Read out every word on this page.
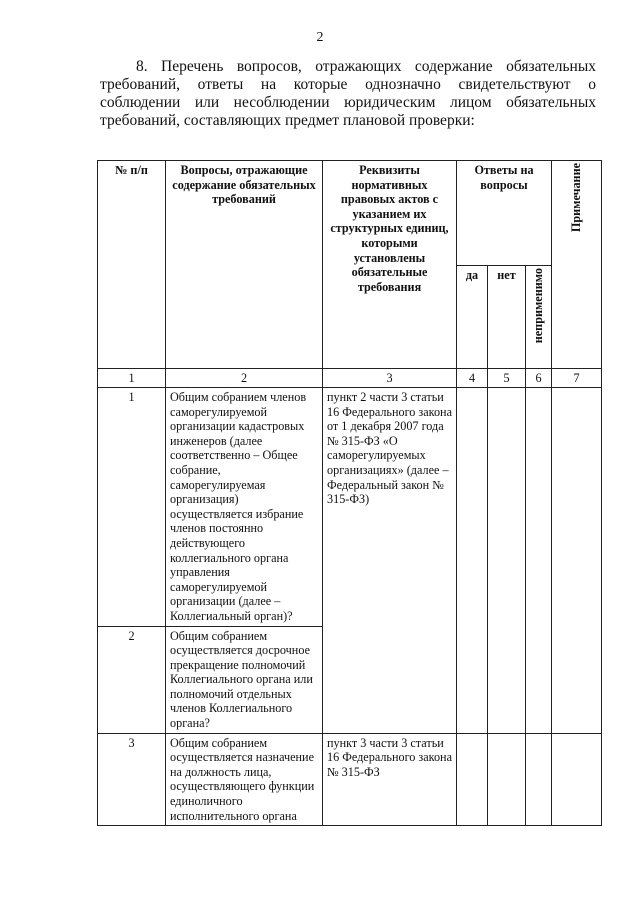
2
8. Перечень вопросов, отражающих содержание обязательных требований, ответы на которые однозначно свидетельствуют о соблюдении или несоблюдении юридическим лицом обязательных требований, составляющих предмет плановой проверки:
№ п/п	Вопросы, отражающие содержание обязательных требований	Реквизиты нормативных правовых актов с указанием их структурных единиц, которыми установлены обязательные требования	Ответы на вопросы			Примечание
			да	нет	неприменимо	
1	2	3	4	5	6	7
1	Общим собранием членов саморегулируемой организации кадастровых инженеров (далее соответственно – Общее собрание, саморегулируемая организация) осуществляется избрание членов постоянно действующего коллегиального органа управления саморегулируемой организации (далее – Коллегиальный орган)?	пункт 2 части 3 статьи 16 Федерального закона от 1 декабря 2007 года № 315-ФЗ «О саморегулируемых организациях» (далее – Федеральный закон № 315-ФЗ)				
2	Общим собранием осуществляется досрочное прекращение полномочий Коллегиального органа или полномочий отдельных членов Коллегиального органа?					
3	Общим собранием осуществляется назначение на должность лица, осуществляющего функции единоличного исполнительного органа	пункт 3 части 3 статьи 16 Федерального закона № 315-ФЗ				
